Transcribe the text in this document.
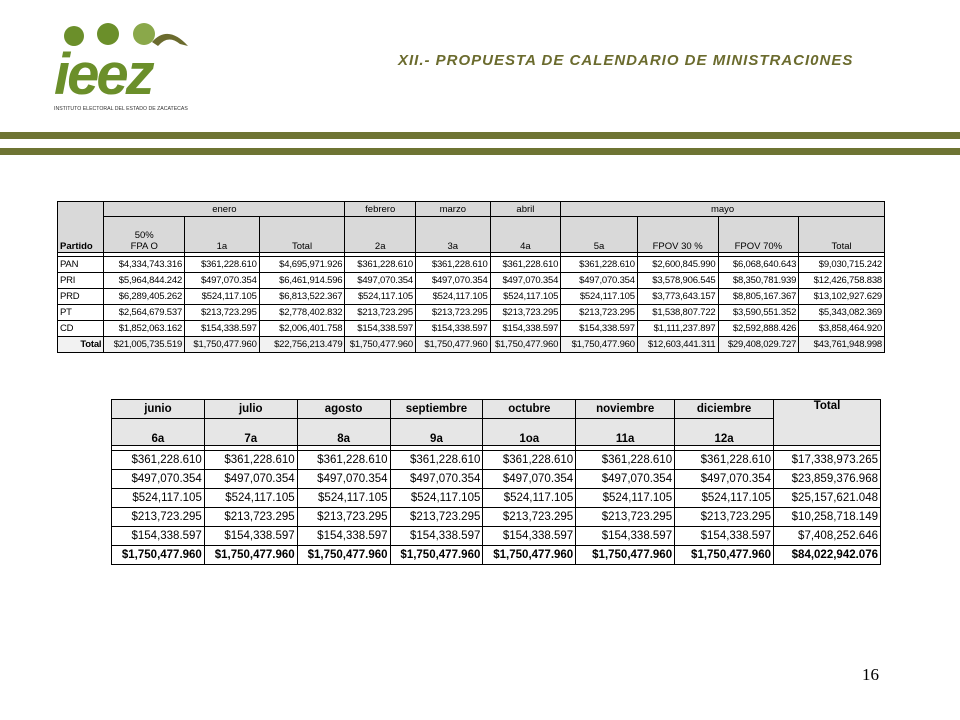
ieez
INSTITUTO ELECTORAL DEL ESTADO DE ZACATECAS
XII.- PROPUESTA DE CALENDARIO DE MINISTRACI0NES
Partido	enero			febrero	marzo	abril	mayo			

	50%
FPA O	1a	Total	2a	3a	4a	5a	FPOV 30 %	FPOV 70%	Total

PAN	$4,334,743.316	$361,228.610	$4,695,971.926	$361,228.610	$361,228.610	$361,228.610	$361,228.610	$2,600,845.990	$6,068,640.643	$9,030,715.242
PRI	$5,964,844.242	$497,070.354	$6,461,914.596	$497,070.354	$497,070.354	$497,070.354	$497,070.354	$3,578,906.545	$8,350,781.939	$12,426,758.838
PRD	$6,289,405.262	$524,117.105	$6,813,522.367	$524,117.105	$524,117.105	$524,117.105	$524,117.105	$3,773,643.157	$8,805,167.367	$13,102,927.629
PT	$2,564,679.537	$213,723.295	$2,778,402.832	$213,723.295	$213,723.295	$213,723.295	$213,723.295	$1,538,807.722	$3,590,551.352	$5,343,082.369
CD	$1,852,063.162	$154,338.597	$2,006,401.758	$154,338.597	$154,338.597	$154,338.597	$154,338.597	$1,111,237.897	$2,592,888.426	$3,858,464.920
Total	$21,005,735.519	$1,750,477.960	$22,756,213.479	$1,750,477.960	$1,750,477.960	$1,750,477.960	$1,750,477.960	$12,603,441.311	$29,408,029.727	$43,761,948.998
junio	julio	agosto	septiembre	octubre	noviembre	diciembre	Total
6a	7a	8a	9a	1oa	11a	12a	

$361,228.610	$361,228.610	$361,228.610	$361,228.610	$361,228.610	$361,228.610	$361,228.610	$17,338,973.265
$497,070.354	$497,070.354	$497,070.354	$497,070.354	$497,070.354	$497,070.354	$497,070.354	$23,859,376.968
$524,117.105	$524,117.105	$524,117.105	$524,117.105	$524,117.105	$524,117.105	$524,117.105	$25,157,621.048
$213,723.295	$213,723.295	$213,723.295	$213,723.295	$213,723.295	$213,723.295	$213,723.295	$10,258,718.149
$154,338.597	$154,338.597	$154,338.597	$154,338.597	$154,338.597	$154,338.597	$154,338.597	$7,408,252.646
$1,750,477.960	$1,750,477.960	$1,750,477.960	$1,750,477.960	$1,750,477.960	$1,750,477.960	$1,750,477.960	$84,022,942.076
16
